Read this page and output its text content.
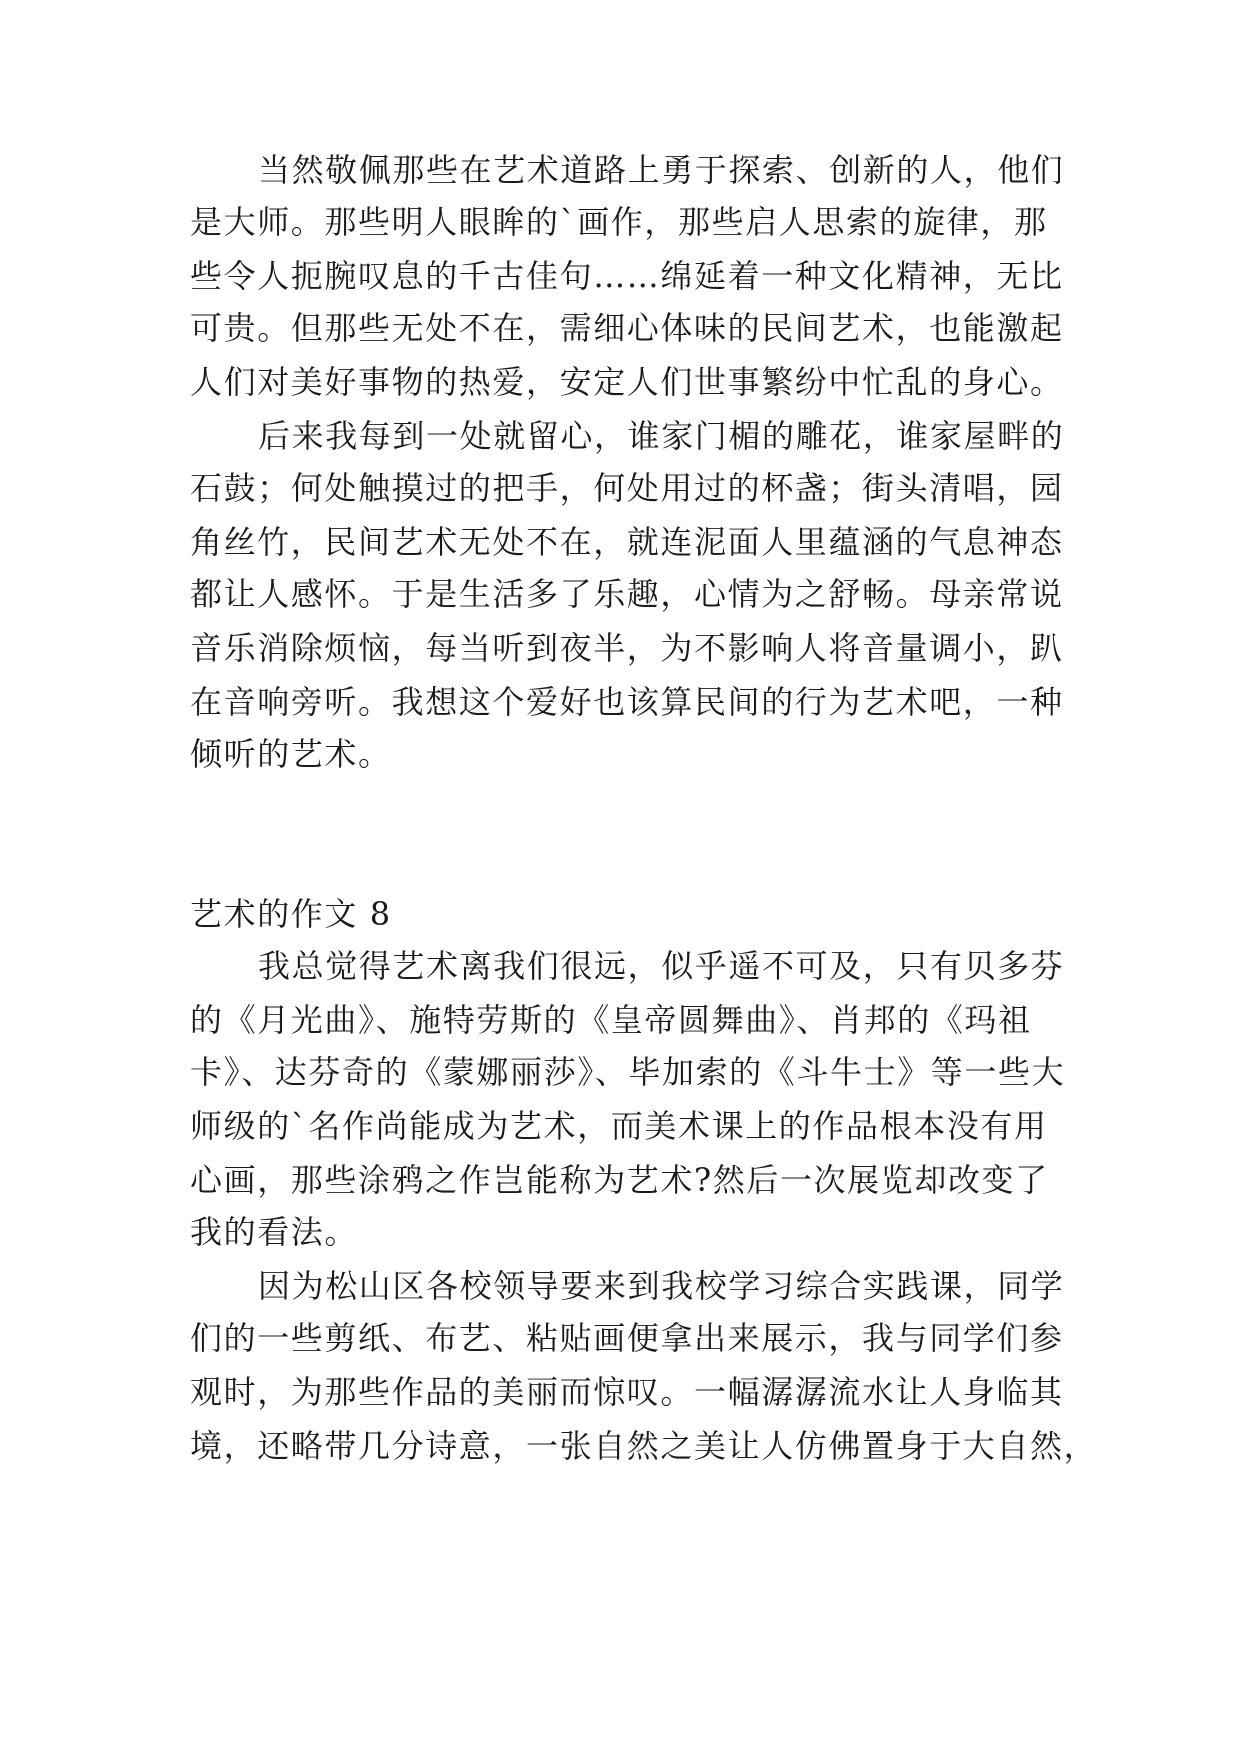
当然敬佩那些在艺术道路上勇于探索、创新的人，他们
是大师。那些明人眼眸的`画作，那些启人思索的旋律，那
些令人扼腕叹息的千古佳句……绵延着一种文化精神，无比
可贵。但那些无处不在，需细心体味的民间艺术，也能激起
人们对美好事物的热爱，安定人们世事繁纷中忙乱的身心。
后来我每到一处就留心，谁家门楣的雕花，谁家屋畔的
石鼓；何处触摸过的把手，何处用过的杯盏；街头清唱，园
角丝竹，民间艺术无处不在，就连泥面人里蕴涵的气息神态
都让人感怀。于是生活多了乐趣，心情为之舒畅。母亲常说
音乐消除烦恼，每当听到夜半，为不影响人将音量调小，趴
在音响旁听。我想这个爱好也该算民间的行为艺术吧，一种
倾听的艺术。
艺术的作文 8
我总觉得艺术离我们很远，似乎遥不可及，只有贝多芬
的《月光曲》、施特劳斯的《皇帝圆舞曲》、肖邦的《玛祖
卡》、达芬奇的《蒙娜丽莎》、毕加索的《斗牛士》等一些大
师级的`名作尚能成为艺术，而美术课上的作品根本没有用
心画，那些涂鸦之作岂能称为艺术?然后一次展览却改变了
我的看法。
因为松山区各校领导要来到我校学习综合实践课，同学
们的一些剪纸、布艺、粘贴画便拿出来展示，我与同学们参
观时，为那些作品的美丽而惊叹。一幅潺潺流水让人身临其
境，还略带几分诗意，一张自然之美让人仿佛置身于大自然，
